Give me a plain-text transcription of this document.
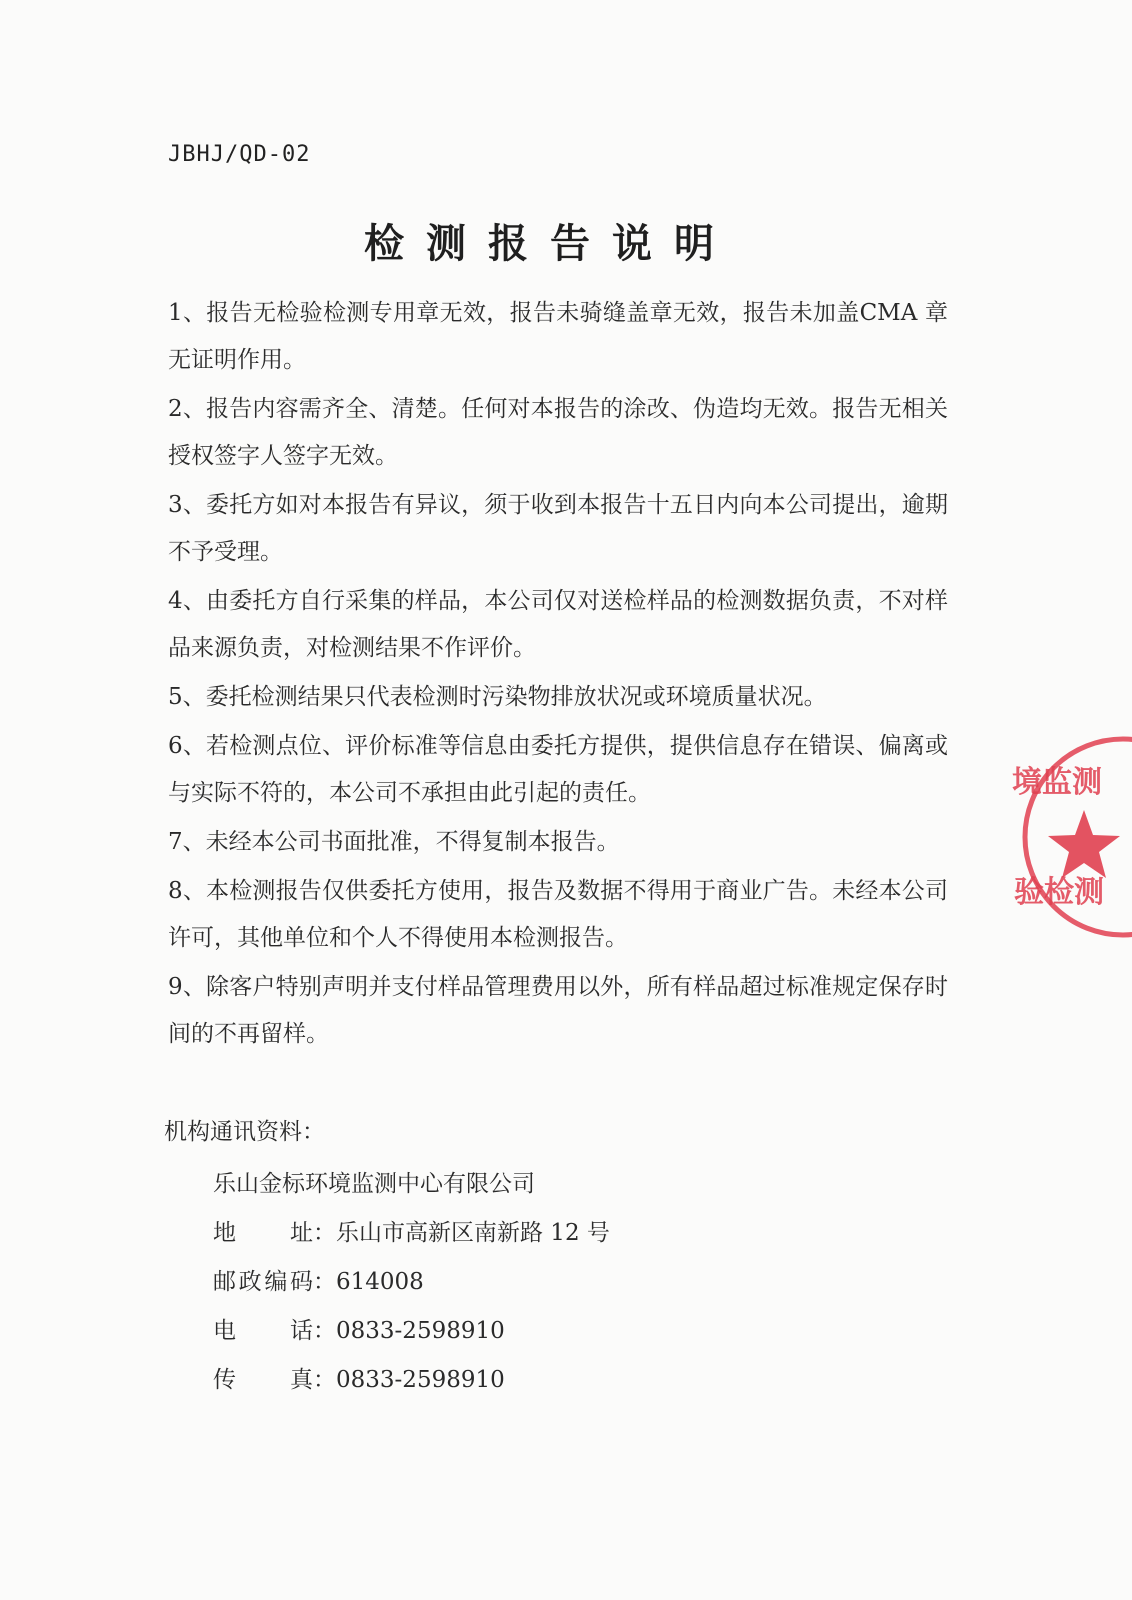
JBHJ/QD-02
检测报告说明
1、报告无检验检测专用章无效，报告未骑缝盖章无效，报告未加盖CMA 章无证明作用。
2、报告内容需齐全、清楚。任何对本报告的涂改、伪造均无效。报告无相关授权签字人签字无效。
3、委托方如对本报告有异议，须于收到本报告十五日内向本公司提出，逾期不予受理。
4、由委托方自行采集的样品，本公司仅对送检样品的检测数据负责，不对样品来源负责，对检测结果不作评价。
5、委托检测结果只代表检测时污染物排放状况或环境质量状况。
6、若检测点位、评价标准等信息由委托方提供，提供信息存在错误、偏离或与实际不符的，本公司不承担由此引起的责任。
7、未经本公司书面批准，不得复制本报告。
8、本检测报告仅供委托方使用，报告及数据不得用于商业广告。未经本公司许可，其他单位和个人不得使用本检测报告。
9、除客户特别声明并支付样品管理费用以外，所有样品超过标准规定保存时间的不再留样。
机构通讯资料：
乐山金标环境监测中心有限公司
地址：乐山市高新区南新路 12 号
邮政编码：614008
电话：0833-2598910
传真：0833-2598910
境监测
验检测
